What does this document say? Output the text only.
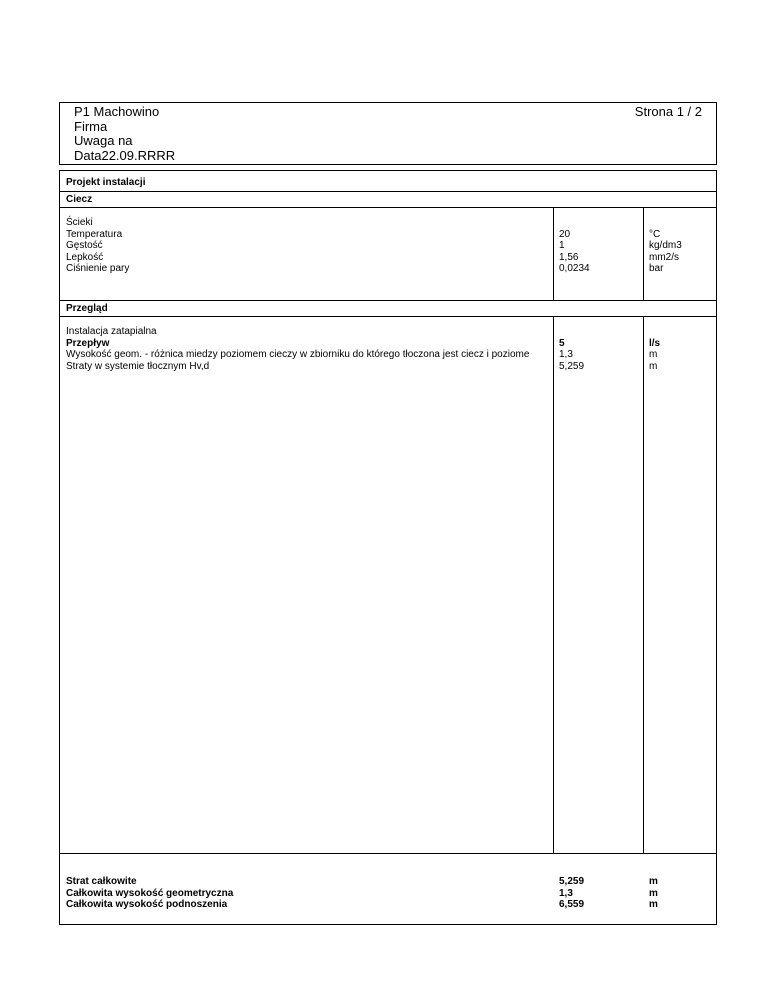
P1 Machowino
Firma
Uwaga na
Data22.09.RRRR
Strona 1 / 2
Projekt instalacji
Ciecz
Ścieki
Temperatura
Gęstość
Lepkość
Ciśnienie pary
20
1
1,56
0,0234
°C
kg/dm3
mm2/s
bar
Przegląd
Instalacja zatapialna
Przepływ
Wysokość geom. - różnica miedzy poziomem cieczy w zbiorniku do którego tłoczona jest ciecz i poziome
Straty w systemie tłocznym Hv,d
5
1,3
5,259
l/s
m
m
Strat całkowite
Całkowita wysokość geometryczna
Całkowita wysokość podnoszenia
5,259
1,3
6,559
m
m
m
